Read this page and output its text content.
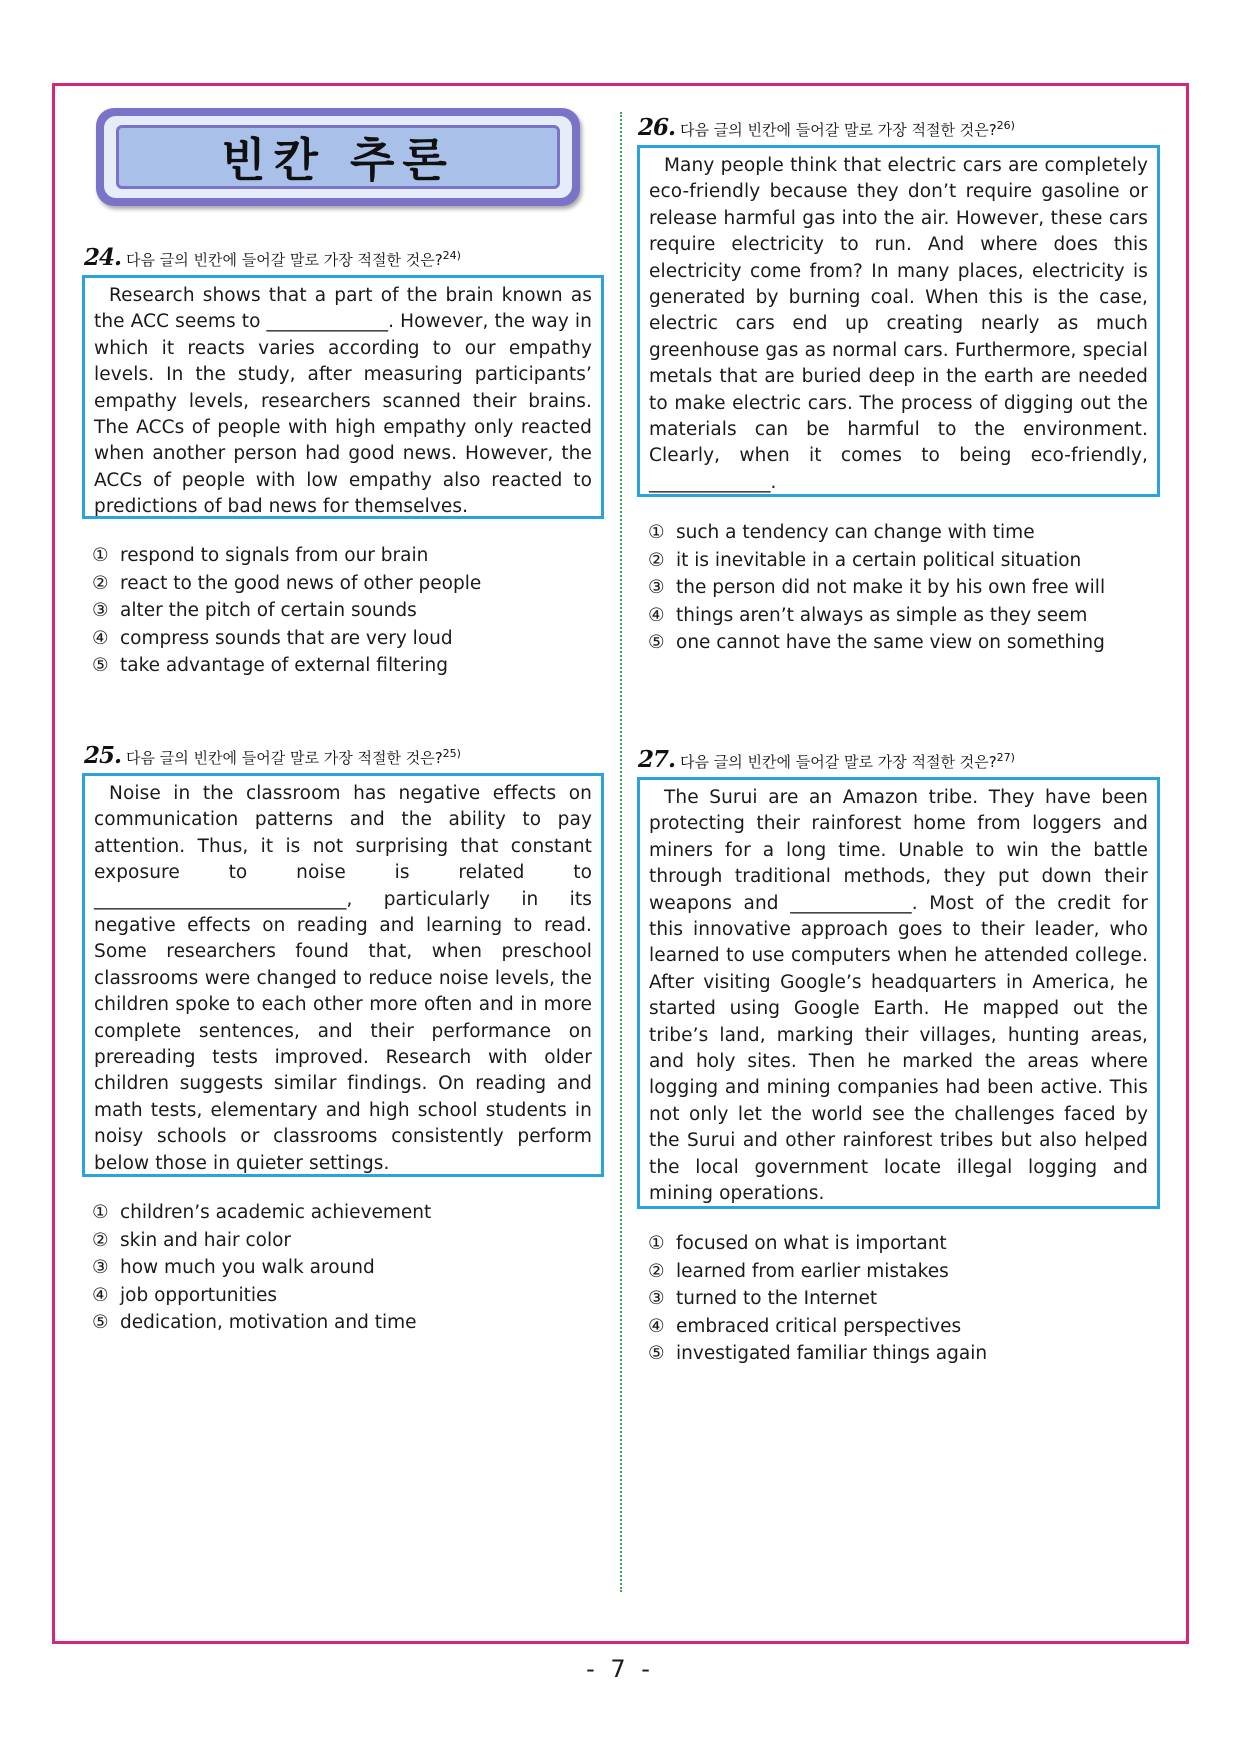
빈칸 추론
24. 다음 글의 빈칸에 들어갈 말로 가장 적절한 것은?$^{24)}$
Research shows that a part of the brain known as the ACC seems to _____________. However, the way in which it reacts varies according to our empathy levels. In the study, after measuring participants’ empathy levels, researchers scanned their brains. The ACCs of people with high empathy only reacted when another person had good news. However, the ACCs of people with low empathy also reacted to predictions of bad news for themselves.
① respond to signals from our brain
② react to the good news of other people
③ alter the pitch of certain sounds
④ compress sounds that are very loud
⑤ take advantage of external filtering
25. 다음 글의 빈칸에 들어갈 말로 가장 적절한 것은?$^{25)}$
Noise in the classroom has negative effects on communication patterns and the ability to pay attention. Thus, it is not surprising that constant exposure to noise is related to ___________________________, particularly in its negative effects on reading and learning to read. Some researchers found that, when preschool classrooms were changed to reduce noise levels, the children spoke to each other more often and in more complete sentences, and their performance on prereading tests improved. Research with older children suggests similar findings. On reading and math tests, elementary and high school students in noisy schools or classrooms consistently perform below those in quieter settings.
① children’s academic achievement
② skin and hair color
③ how much you walk around
④ job opportunities
⑤ dedication, motivation and time
26. 다음 글의 빈칸에 들어갈 말로 가장 적절한 것은?$^{26)}$
Many people think that electric cars are completely eco-friendly because they don’t require gasoline or release harmful gas into the air. However, these cars require electricity to run. And where does this electricity come from? In many places, electricity is generated by burning coal. When this is the case, electric cars end up creating nearly as much greenhouse gas as normal cars. Furthermore, special metals that are buried deep in the earth are needed to make electric cars. The process of digging out the materials can be harmful to the environment. Clearly, when it comes to being eco-friendly, _____________.
① such a tendency can change with time
② it is inevitable in a certain political situation
③ the person did not make it by his own free will
④ things aren’t always as simple as they seem
⑤ one cannot have the same view on something
27. 다음 글의 빈칸에 들어갈 말로 가장 적절한 것은?$^{27)}$
The Surui are an Amazon tribe. They have been protecting their rainforest home from loggers and miners for a long time. Unable to win the battle through traditional methods, they put down their weapons and _____________. Most of the credit for this innovative approach goes to their leader, who learned to use computers when he attended college. After visiting Google’s headquarters in America, he started using Google Earth. He mapped out the tribe’s land, marking their villages, hunting areas, and holy sites. Then he marked the areas where logging and mining companies had been active. This not only let the world see the challenges faced by the Surui and other rainforest tribes but also helped the local government locate illegal logging and mining operations.
① focused on what is important
② learned from earlier mistakes
③ turned to the Internet
④ embraced critical perspectives
⑤ investigated familiar things again
- 7 -
